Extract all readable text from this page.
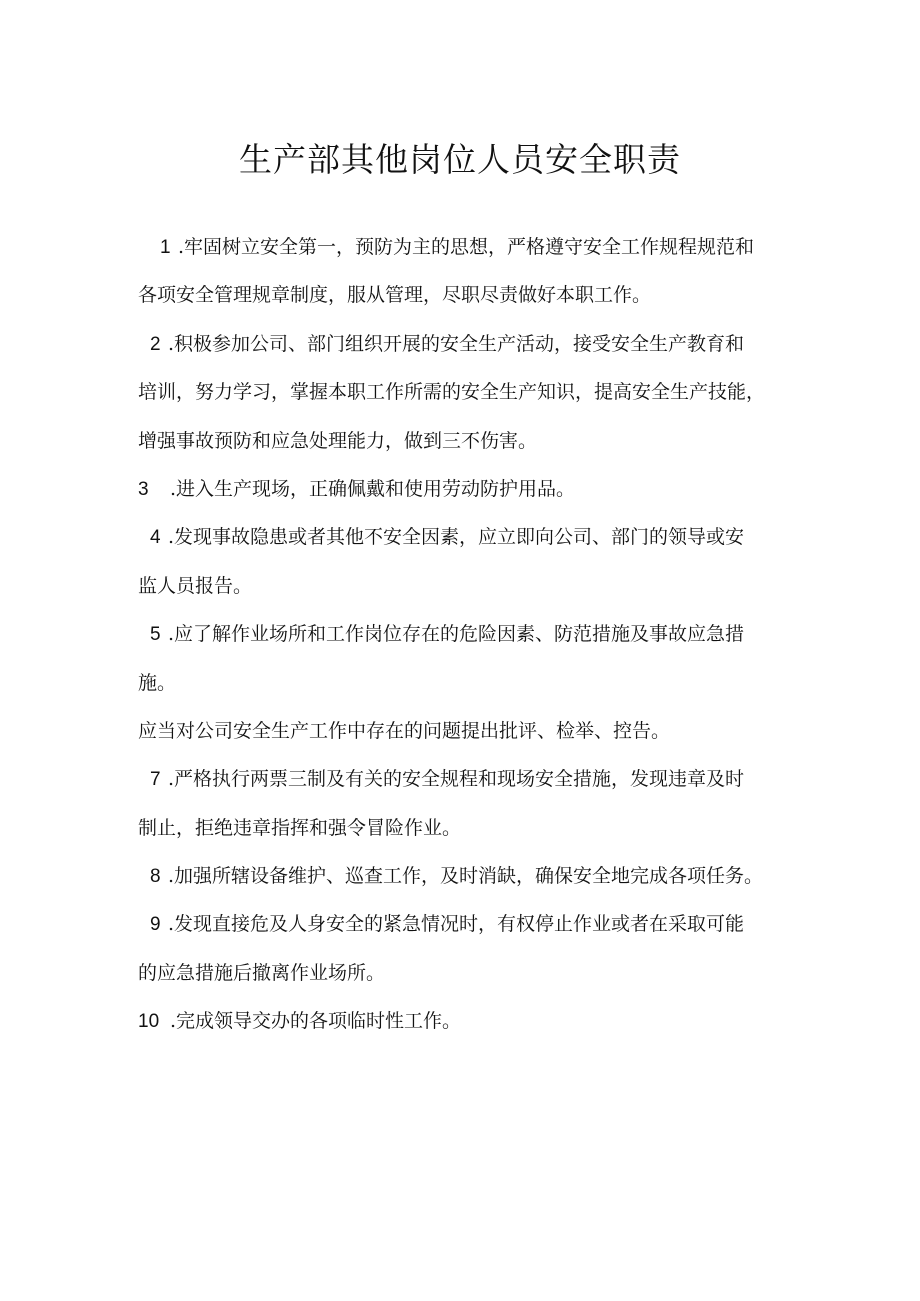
生产部其他岗位人员安全职责
1 .牢固树立安全第一，预防为主的思想，严格遵守安全工作规程规范和
各项安全管理规章制度，服从管理，尽职尽责做好本职工作。
2 .积极参加公司、部门组织开展的安全生产活动，接受安全生产教育和
培训，努力学习，掌握本职工作所需的安全生产知识，提高安全生产技能，
增强事故预防和应急处理能力，做到三不伤害。
3 .进入生产现场，正确佩戴和使用劳动防护用品。
4 .发现事故隐患或者其他不安全因素，应立即向公司、部门的领导或安
监人员报告。
5 .应了解作业场所和工作岗位存在的危险因素、防范措施及事故应急措
施。
应当对公司安全生产工作中存在的问题提出批评、检举、控告。
7 .严格执行两票三制及有关的安全规程和现场安全措施，发现违章及时
制止，拒绝违章指挥和强令冒险作业。
8 .加强所辖设备维护、巡查工作，及时消缺，确保安全地完成各项任务。
9 .发现直接危及人身安全的紧急情况时，有权停止作业或者在采取可能
的应急措施后撤离作业场所。
10 .完成领导交办的各项临时性工作。
